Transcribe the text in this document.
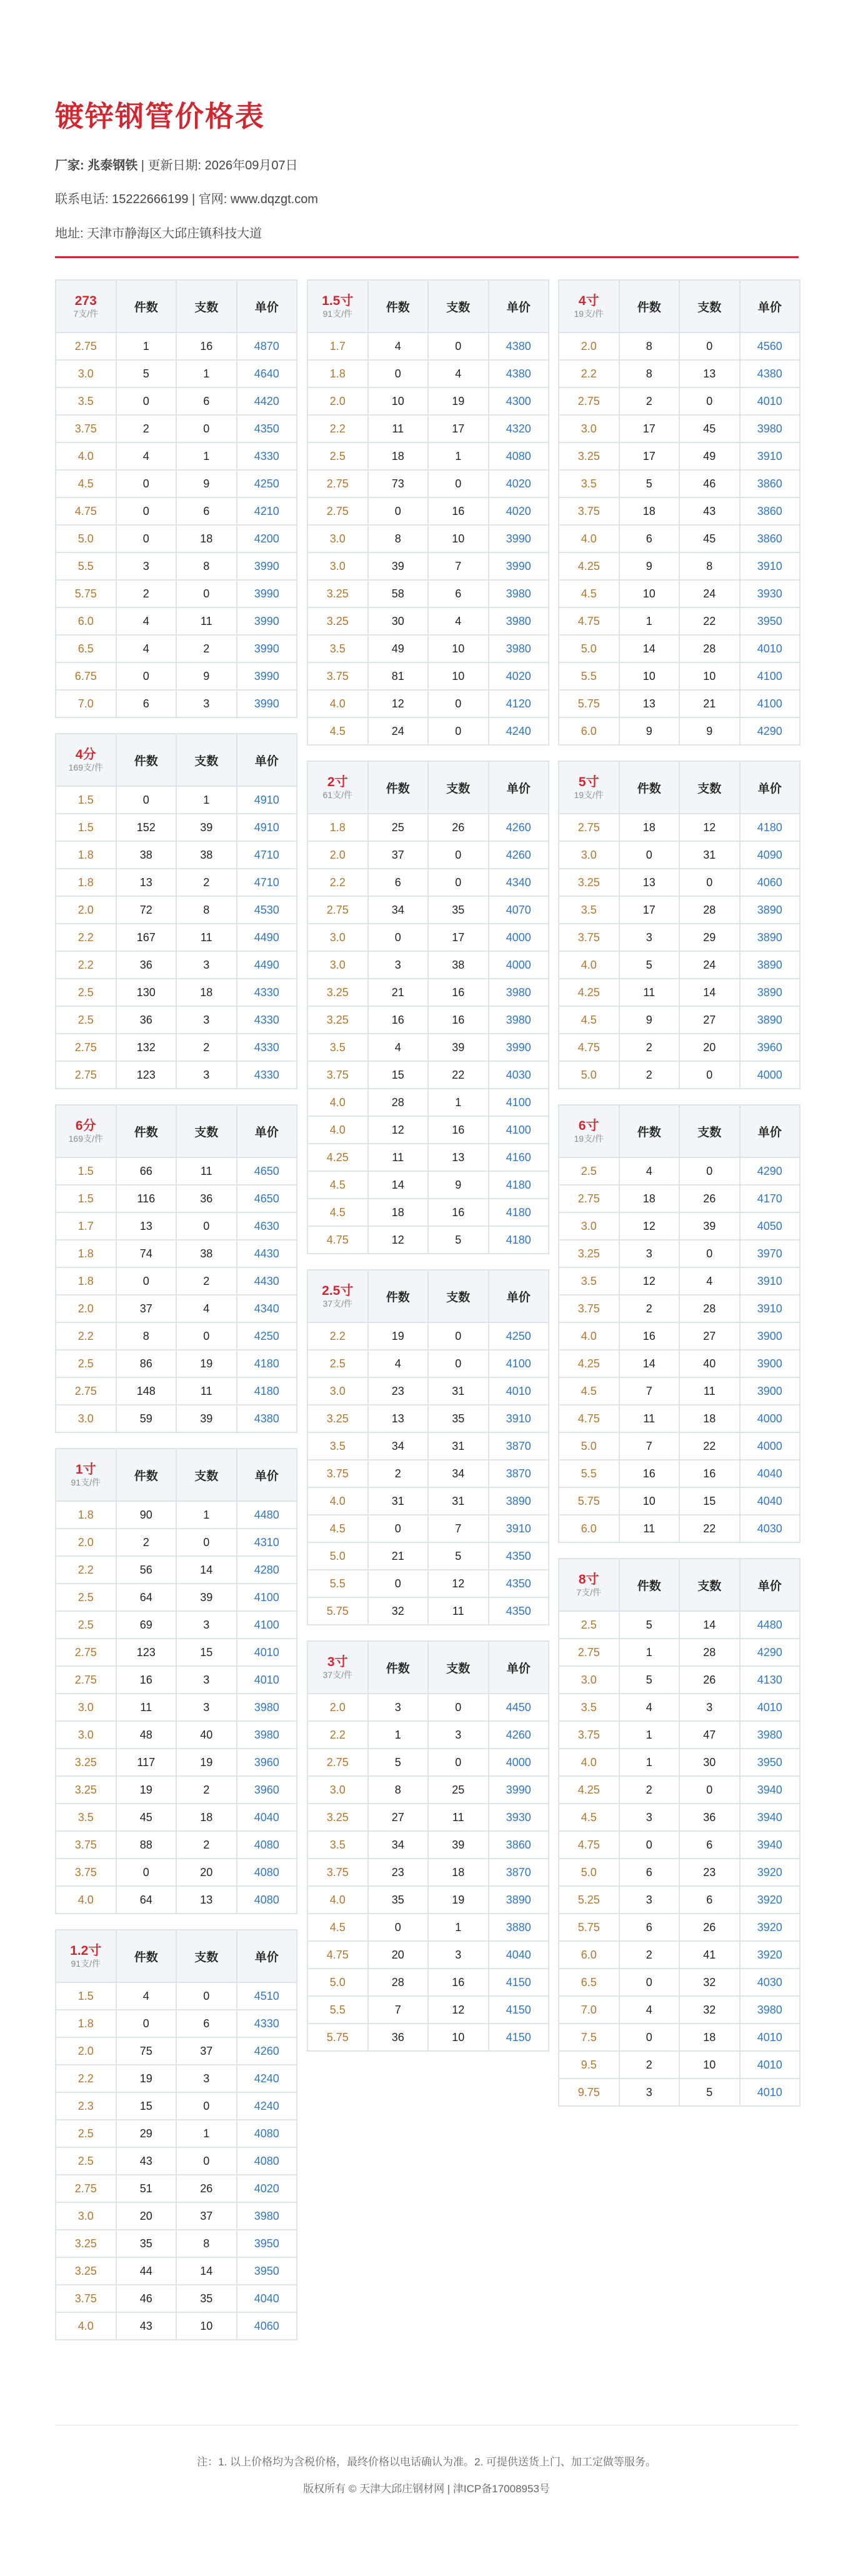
镀锌钢管价格表
厂家: 兆泰钢铁 | 更新日期: 2026年09月07日
联系电话: 15222666199 | 官网: www.dqzgt.com
地址: 天津市静海区大邱庄镇科技大道
273
7支/件	件数	支数	单价
2.75	1	16	4870
3.0	5	1	4640
3.5	0	6	4420
3.75	2	0	4350
4.0	4	1	4330
4.5	0	9	4250
4.75	0	6	4210
5.0	0	18	4200
5.5	3	8	3990
5.75	2	0	3990
6.0	4	11	3990
6.5	4	2	3990
6.75	0	9	3990
7.0	6	3	3990
4分
169支/件	件数	支数	单价
1.5	0	1	4910
1.5	152	39	4910
1.8	38	38	4710
1.8	13	2	4710
2.0	72	8	4530
2.2	167	11	4490
2.2	36	3	4490
2.5	130	18	4330
2.5	36	3	4330
2.75	132	2	4330
2.75	123	3	4330
6分
169支/件	件数	支数	单价
1.5	66	11	4650
1.5	116	36	4650
1.7	13	0	4630
1.8	74	38	4430
1.8	0	2	4430
2.0	37	4	4340
2.2	8	0	4250
2.5	86	19	4180
2.75	148	11	4180
3.0	59	39	4380
1寸
91支/件	件数	支数	单价
1.8	90	1	4480
2.0	2	0	4310
2.2	56	14	4280
2.5	64	39	4100
2.5	69	3	4100
2.75	123	15	4010
2.75	16	3	4010
3.0	11	3	3980
3.0	48	40	3980
3.25	117	19	3960
3.25	19	2	3960
3.5	45	18	4040
3.75	88	2	4080
3.75	0	20	4080
4.0	64	13	4080
1.2寸
91支/件	件数	支数	单价
1.5	4	0	4510
1.8	0	6	4330
2.0	75	37	4260
2.2	19	3	4240
2.3	15	0	4240
2.5	29	1	4080
2.5	43	0	4080
2.75	51	26	4020
3.0	20	37	3980
3.25	35	8	3950
3.25	44	14	3950
3.75	46	35	4040
4.0	43	10	4060
1.5寸
91支/件	件数	支数	单价
1.7	4	0	4380
1.8	0	4	4380
2.0	10	19	4300
2.2	11	17	4320
2.5	18	1	4080
2.75	73	0	4020
2.75	0	16	4020
3.0	8	10	3990
3.0	39	7	3990
3.25	58	6	3980
3.25	30	4	3980
3.5	49	10	3980
3.75	81	10	4020
4.0	12	0	4120
4.5	24	0	4240
2寸
61支/件	件数	支数	单价
1.8	25	26	4260
2.0	37	0	4260
2.2	6	0	4340
2.75	34	35	4070
3.0	0	17	4000
3.0	3	38	4000
3.25	21	16	3980
3.25	16	16	3980
3.5	4	39	3990
3.75	15	22	4030
4.0	28	1	4100
4.0	12	16	4100
4.25	11	13	4160
4.5	14	9	4180
4.5	18	16	4180
4.75	12	5	4180
2.5寸
37支/件	件数	支数	单价
2.2	19	0	4250
2.5	4	0	4100
3.0	23	31	4010
3.25	13	35	3910
3.5	34	31	3870
3.75	2	34	3870
4.0	31	31	3890
4.5	0	7	3910
5.0	21	5	4350
5.5	0	12	4350
5.75	32	11	4350
3寸
37支/件	件数	支数	单价
2.0	3	0	4450
2.2	1	3	4260
2.75	5	0	4000
3.0	8	25	3990
3.25	27	11	3930
3.5	34	39	3860
3.75	23	18	3870
4.0	35	19	3890
4.5	0	1	3880
4.75	20	3	4040
5.0	28	16	4150
5.5	7	12	4150
5.75	36	10	4150
4寸
19支/件	件数	支数	单价
2.0	8	0	4560
2.2	8	13	4380
2.75	2	0	4010
3.0	17	45	3980
3.25	17	49	3910
3.5	5	46	3860
3.75	18	43	3860
4.0	6	45	3860
4.25	9	8	3910
4.5	10	24	3930
4.75	1	22	3950
5.0	14	28	4010
5.5	10	10	4100
5.75	13	21	4100
6.0	9	9	4290
5寸
19支/件	件数	支数	单价
2.75	18	12	4180
3.0	0	31	4090
3.25	13	0	4060
3.5	17	28	3890
3.75	3	29	3890
4.0	5	24	3890
4.25	11	14	3890
4.5	9	27	3890
4.75	2	20	3960
5.0	2	0	4000
6寸
19支/件	件数	支数	单价
2.5	4	0	4290
2.75	18	26	4170
3.0	12	39	4050
3.25	3	0	3970
3.5	12	4	3910
3.75	2	28	3910
4.0	16	27	3900
4.25	14	40	3900
4.5	7	11	3900
4.75	11	18	4000
5.0	7	22	4000
5.5	16	16	4040
5.75	10	15	4040
6.0	11	22	4030
8寸
7支/件	件数	支数	单价
2.5	5	14	4480
2.75	1	28	4290
3.0	5	26	4130
3.5	4	3	4010
3.75	1	47	3980
4.0	1	30	3950
4.25	2	0	3940
4.5	3	36	3940
4.75	0	6	3940
5.0	6	23	3920
5.25	3	6	3920
5.75	6	26	3920
6.0	2	41	3920
6.5	0	32	4030
7.0	4	32	3980
7.5	0	18	4010
9.5	2	10	4010
9.75	3	5	4010
注：1. 以上价格均为含税价格，最终价格以电话确认为准。2. 可提供送货上门、加工定做等服务。
版权所有 © 天津大邱庄钢材网 | 津ICP备17008953号
